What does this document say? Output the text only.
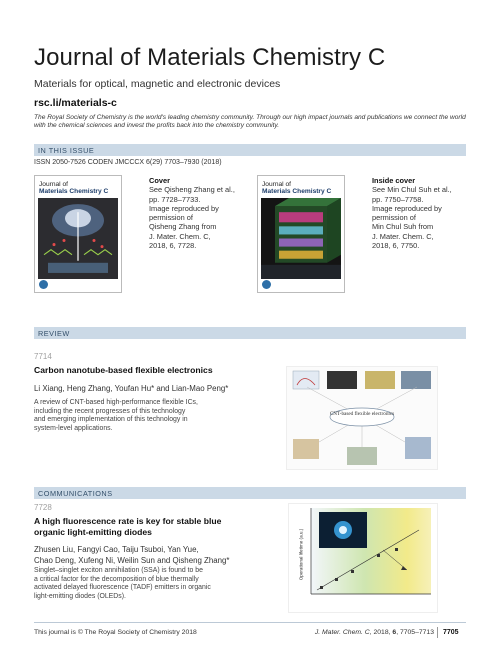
Journal of Materials Chemistry C
Materials for optical, magnetic and electronic devices
rsc.li/materials-c
The Royal Society of Chemistry is the world's leading chemistry community. Through our high impact journals and publications we connect the world with the chemical sciences and invest the profits back into the chemistry community.
IN THIS ISSUE
ISSN 2050-7526 CODEN JMCCCX 6(29) 7703–7930 (2018)
Journal of
Materials Chemistry C
Cover
See Qisheng Zhang et al.,
pp. 7728–7733.
Image reproduced by
permission of
Qisheng Zhang from
J. Mater. Chem. C,
2018, 6, 7728.
Journal of
Materials Chemistry C
Inside cover
See Min Chul Suh et al.,
pp. 7750–7758.
Image reproduced by
permission of
Min Chul Suh from
J. Mater. Chem. C,
2018, 6, 7750.
REVIEW
7714
Carbon nanotube-based flexible electronics
Li Xiang, Heng Zhang, Youfan Hu* and Lian-Mao Peng*
A review of CNT-based high-performance flexible ICs,
including the recent progresses of this technology
and emerging implementation of this technology in
system-level applications.
CNT-based flexible electronics
COMMUNICATIONS
7728
A high fluorescence rate is key for stable blue
organic light-emitting diodes
Zhusen Liu, Fangyi Cao, Taiju Tsuboi, Yan Yue,
Chao Deng, Xufeng Ni, Weilin Sun and Qisheng Zhang*
Singlet–singlet exciton annihilation (SSA) is found to be
a critical factor for the decomposition of blue thermally
activated delayed fluorescence (TADF) emitters in organic
light-emitting diodes (OLEDs).
Operational lifetime (a.u.)
This journal is © The Royal Society of Chemistry 2018	J. Mater. Chem. C, 2018, 6, 7705–7713 7705
